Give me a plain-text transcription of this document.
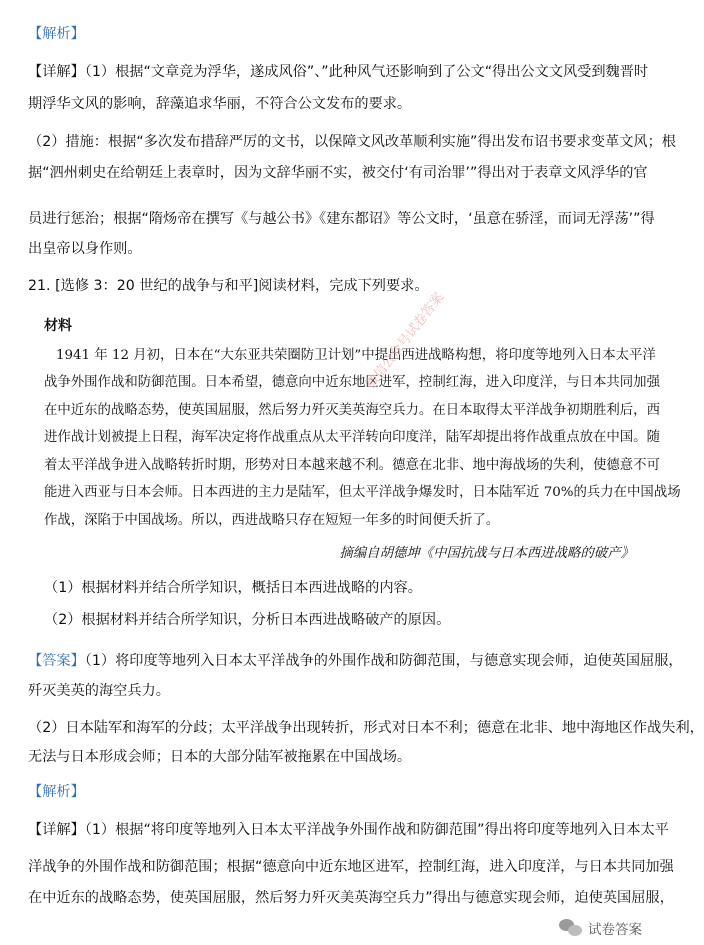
【解析】
【详解】（1）根据“文章竞为浮华，遂成风俗”、”此种风气还影响到了公文“得出公文文风受到魏晋时
期浮华文风的影响，辞藻追求华丽，不符合公文发布的要求。
（2）措施：根据“多次发布措辞严厉的文书，以保障文风改革顺利实施”得出发布诏书要求变革文风；根
据“泗州刺史在给朝廷上表章时，因为文辞华丽不实，被交付‘有司治罪’”得出对于表章文风浮华的官
员进行惩治；根据“隋炀帝在撰写《与越公书》《建东都诏》等公文时，‘虽意在骄淫，而词无浮荡’”得
出皇帝以身作则。
21. [选修 3：20 世纪的战争与和平]阅读材料，完成下列要求。
材料
1941 年 12 月初，日本在“大东亚共荣圈防卫计划”中提出西进战略构想，将印度等地列入日本太平洋
战争外围作战和防御范围。日本希望，德意向中近东地区进军，控制红海，进入印度洋，与日本共同加强
在中近东的战略态势，使英国屈服，然后努力歼灭美英海空兵力。在日本取得太平洋战争初期胜利后，西
进作战计划被提上日程，海军决定将作战重点从太平洋转向印度洋，陆军却提出将作战重点放在中国。随
着太平洋战争进入战略转折时期，形势对日本越来越不利。德意在北非、地中海战场的失利，使德意不可
能进入西亚与日本会师。日本西进的主力是陆军，但太平洋战争爆发时，日本陆军近 70%的兵力在中国战场
作战，深陷于中国战场。所以，西进战略只存在短短一年多的时间便夭折了。
摘编自胡德坤《中国抗战与日本西进战略的破产》
（1）根据材料并结合所学知识，概括日本西进战略的内容。
（2）根据材料并结合所学知识，分析日本西进战略破产的原因。
【答案】（1）将印度等地列入日本太平洋战争的外围作战和防御范围，与德意实现会师，迫使英国屈服，
歼灭美英的海空兵力。
（2）日本陆军和海军的分歧；太平洋战争出现转折，形式对日本不利；德意在北非、地中海地区作战失利，
无法与日本形成会师；日本的大部分陆军被拖累在中国战场。
【解析】
【详解】（1）根据“将印度等地列入日本太平洋战争外围作战和防御范围”得出将印度等地列入日本太平
洋战争的外围作战和防御范围；根据“德意向中近东地区进军，控制红海，进入印度洋，与日本共同加强
在中近东的战略态势，使英国屈服，然后努力歼灭美英海空兵力”得出与德意实现会师，迫使英国屈服，
微信公众号试卷答案
试卷答案
